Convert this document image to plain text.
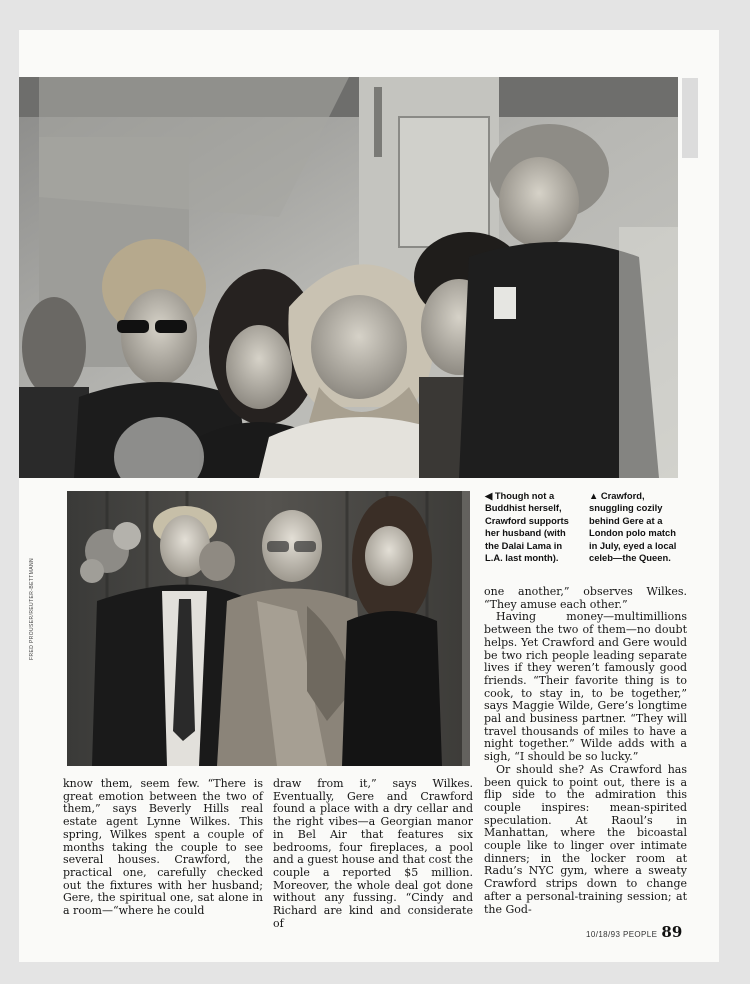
FRED PROUSER/REUTER-BETTMANN
◀ Though not a Buddhist herself, Crawford supports her husband (with the Dalai Lama in L.A. last month).
▲ Crawford, snuggling cozily behind Gere at a London polo match in July, eyed a local celeb—the Queen.

know them, seem few. “There is great emotion between the two of them,” says Beverly Hills real estate agent Lynne Wilkes. This spring, Wilkes spent a couple of months taking the couple to see several houses. Crawford, the practical one, carefully checked out the fixtures with her husband; Gere, the spiritual one, sat alone in a room—“where he could

draw from it,” says Wilkes. Eventually, Gere and Crawford found a place with a dry cellar and the right vibes—a Georgian manor in Bel Air that features six bedrooms, four fireplaces, a pool and a guest house and that cost the couple a reported $5 million. Moreover, the whole deal got done without any fussing. “Cindy and Richard are kind and considerate of

one another,” observes Wilkes. “They amuse each other.”

Having money—multimillions between the two of them—no doubt helps. Yet Crawford and Gere would be two rich people leading separate lives if they weren’t famously good friends. “Their favorite thing is to cook, to stay in, to be together,” says Maggie Wilde, Gere’s longtime pal and business partner. “They will travel thousands of miles to have a night together.” Wilde adds with a sigh, “I should be so lucky.”

Or should she? As Crawford has been quick to point out, there is a flip side to the admiration this couple inspires: mean-spirited speculation. At Raoul’s in Manhattan, where the bicoastal couple like to linger over intimate dinners; in the locker room at Radu’s NYC gym, where a sweaty Crawford strips down to change after a personal-training session; at the God-

10/18/93 PEOPLE 89
